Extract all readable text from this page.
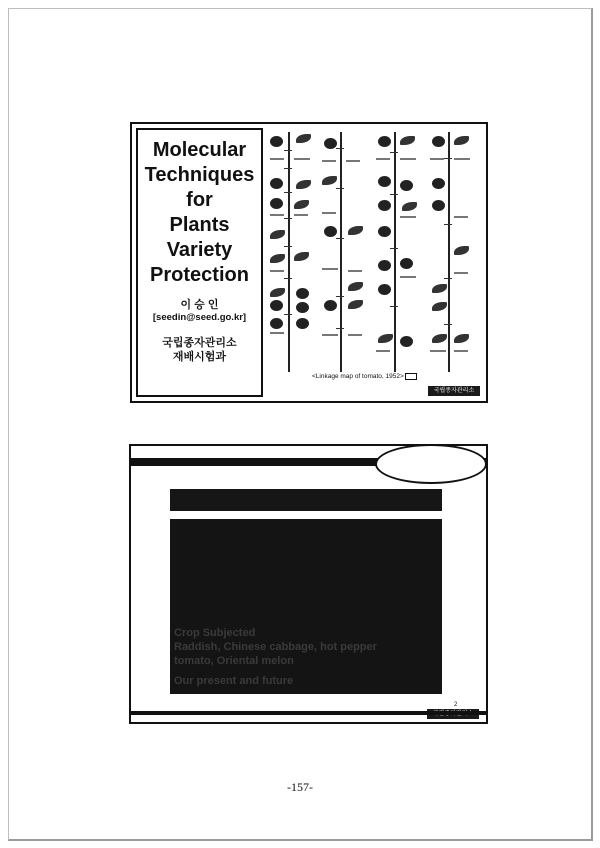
Molecular
Techniques
for
Plants
Variety
Protection
이 승 인
[seedin@seed.go.kr]
국립종자관리소
재배시험과
<Linkage map of tomato, 1952>
국립종자관리소
Crop Subjected
Raddish, Chinese cabbage, hot pepper
tomato, Oriental melon
Our present and future
2
-157-
